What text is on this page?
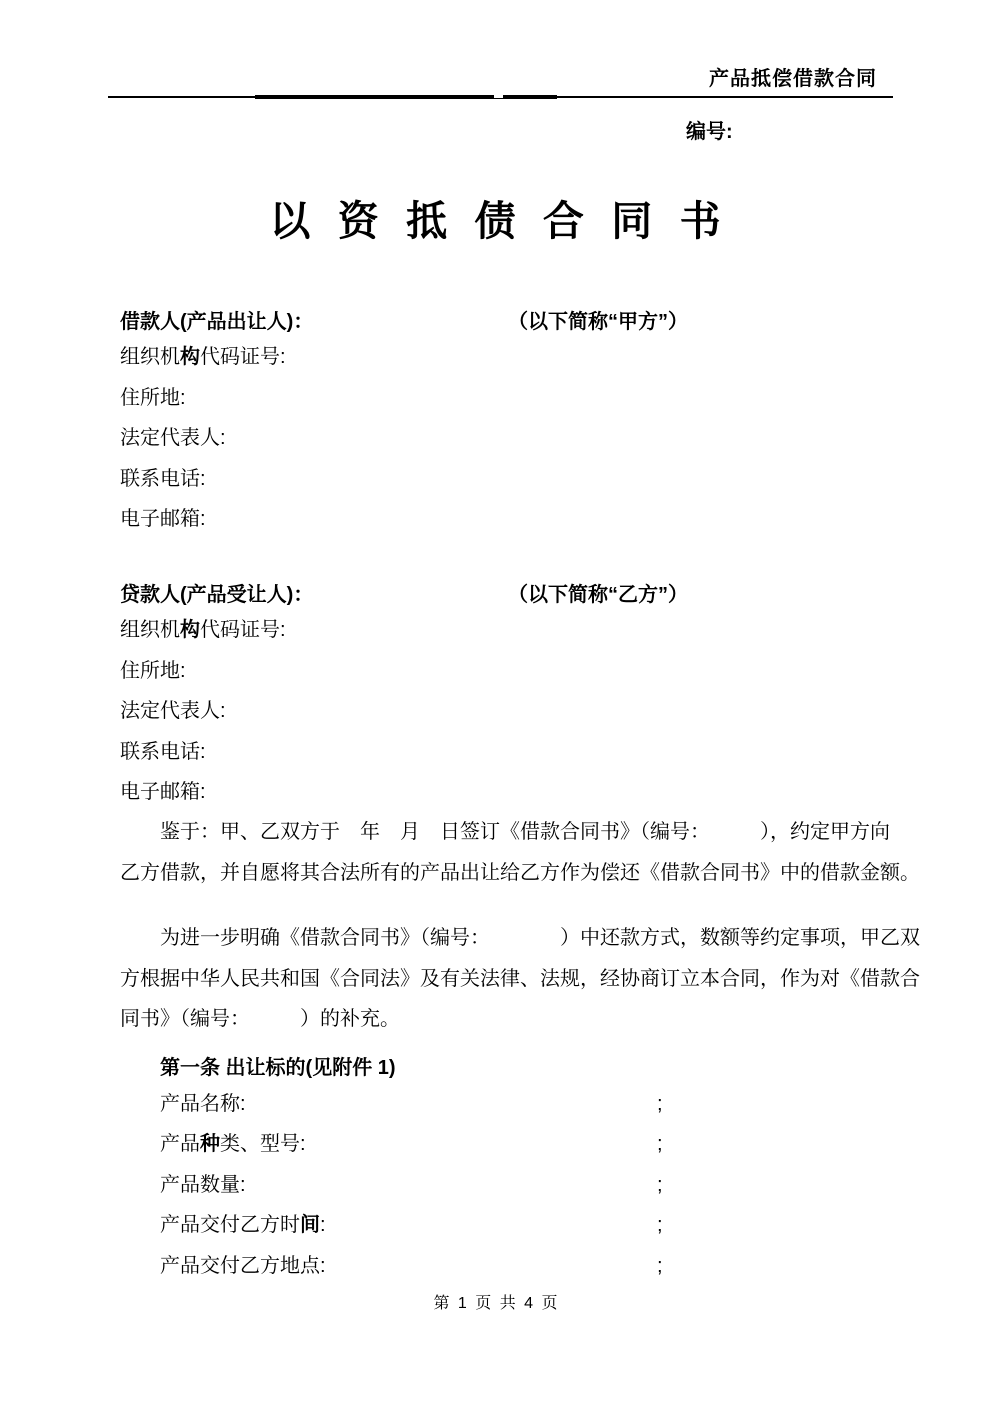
产品抵偿借款合同
编号:
以 资 抵 债 合 同 书
借款人(产品出让人)：	（以下简称“甲方”）
组织机构代码证号:
住所地:
法定代表人:
联系电话:
电子邮箱:
贷款人(产品受让人)：	（以下简称“乙方”）
组织机构代码证号:
住所地:
法定代表人:
联系电话:
电子邮箱:
鉴于：甲、乙双方于　年　月　日签订《借款合同书》（编号：　　　），约定甲方向
乙方借款，并自愿将其合法所有的产品出让给乙方作为偿还《借款合同书》中的借款金额。
为进一步明确《借款合同书》（编号：　　　　）中还款方式，数额等约定事项，甲乙双
方根据中华人民共和国《合同法》及有关法律、法规，经协商订立本合同，作为对《借款合
同书》（编号：　　　）的补充。
第一条 出让标的(见附件 1)
产品名称:	;
产品种类、型号:	;
产品数量:	;
产品交付乙方时间:	;
产品交付乙方地点:	;
第 1 页 共 4 页
